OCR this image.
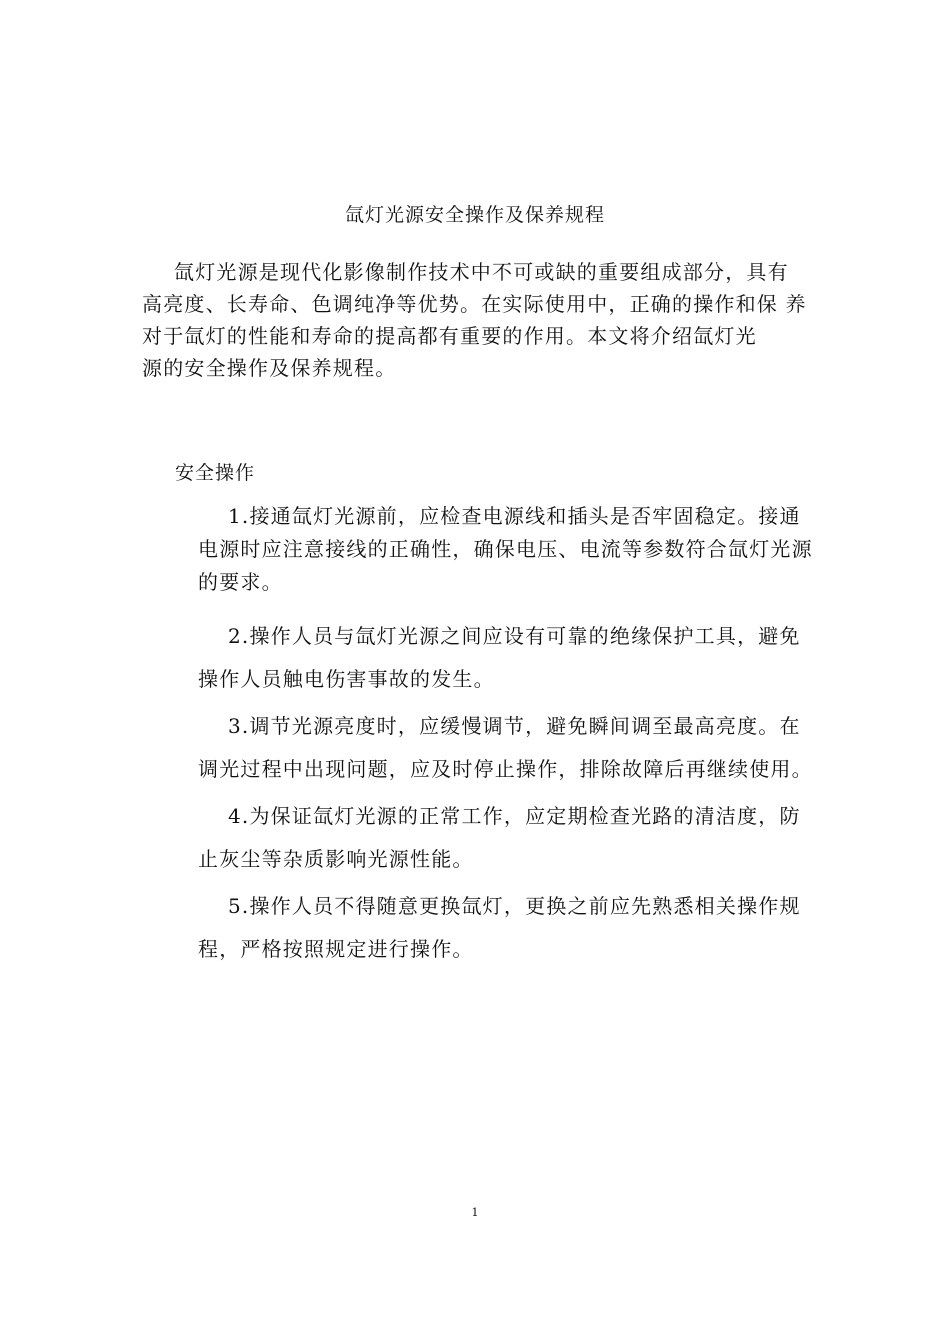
氙灯光源安全操作及保养规程

氙灯光源是现代化影像制作技术中不可或缺的重要组成部分，具有 高亮度、长寿命、色调纯净等优势。在实际使用中，正确的操作和保 养对于氙灯的性能和寿命的提高都有重要的作用。本文将介绍氙灯光

源的安全操作及保养规程。

安全操作

1.接通氙灯光源前，应检查电源线和插头是否牢固稳定。接通电源时应注意接线的正确性，确保电压、电流等参数符合氙灯光源的要求。

2.操作人员与氙灯光源之间应设有可靠的绝缘保护工具，避免操作人员触电伤害事故的发生。

3.调节光源亮度时，应缓慢调节，避免瞬间调至最高亮度。在调光过程中出现问题，应及时停止操作，排除故障后再继续使用。

4.为保证氙灯光源的正常工作，应定期检查光路的清洁度，防止灰尘等杂质影响光源性能。

5.操作人员不得随意更换氙灯，更换之前应先熟悉相关操作规程，严格按照规定进行操作。

1
